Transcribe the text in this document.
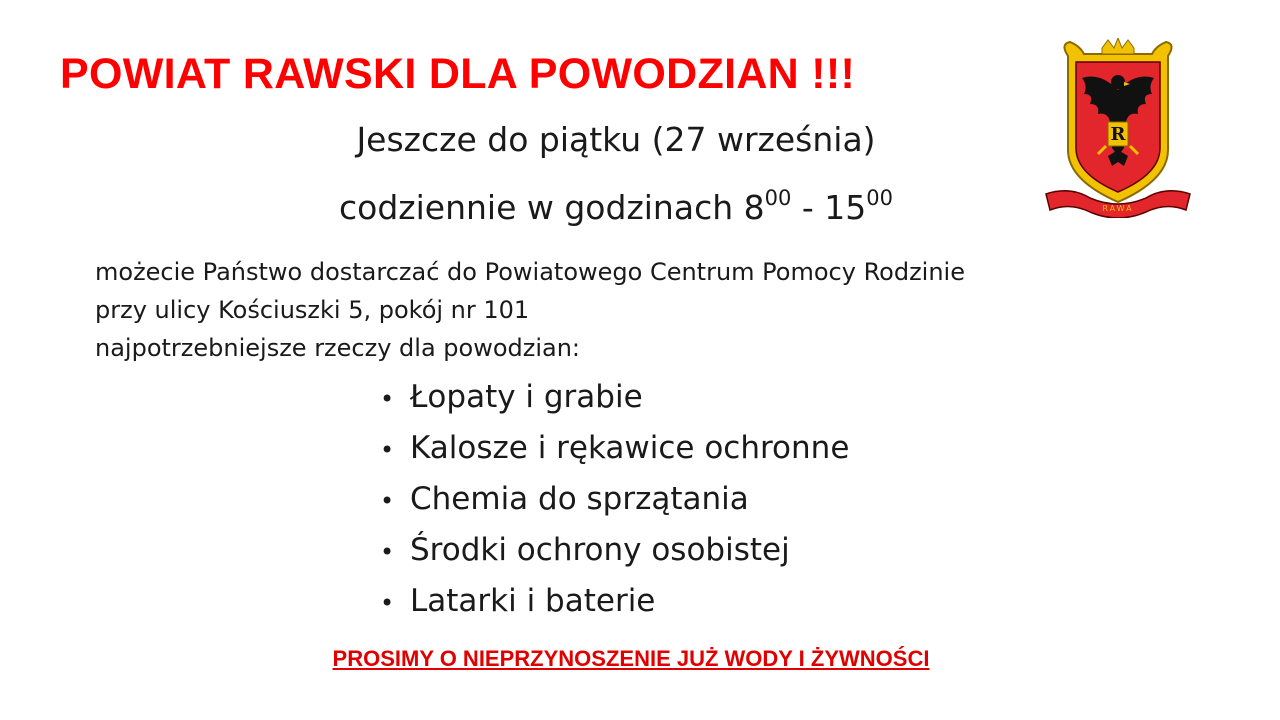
POWIAT RAWSKI DLA POWODZIAN !!!
R
RAWA
Jeszcze do piątku (27 września)
codziennie w godzinach $8^{00} - 15^{00}$
możecie Państwo dostarczać do Powiatowego Centrum Pomocy Rodzinie
przy ulicy Kościuszki 5, pokój nr 101
najpotrzebniejsze rzeczy dla powodzian:
• Łopaty i grabie
• Kalosze i rękawice ochronne
• Chemia do sprzątania
• Środki ochrony osobistej
• Latarki i baterie
PROSIMY O NIEPRZYNOSZENIE JUŻ WODY I ŻYWNOŚCI
